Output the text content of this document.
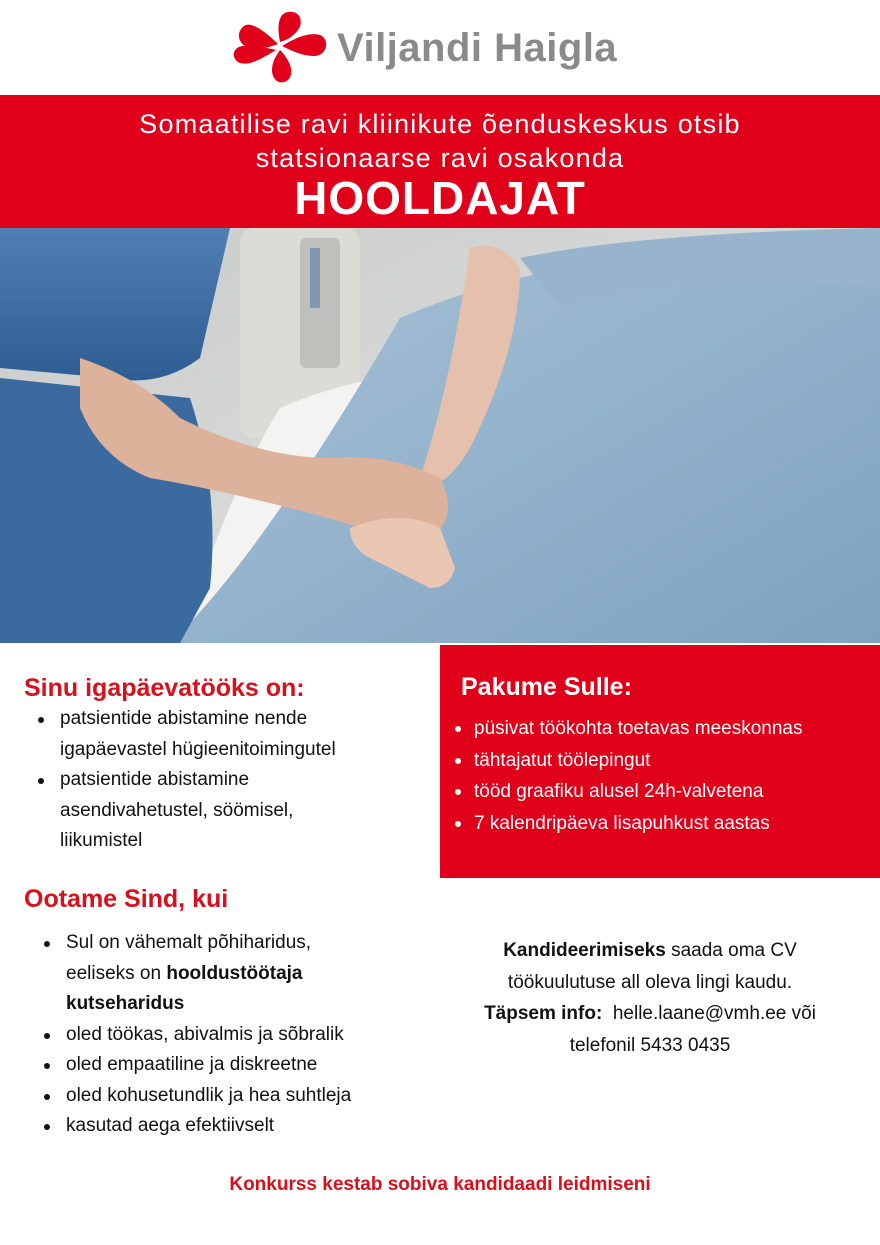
Viljandi Haigla
Somaatilise ravi kliinikute õenduskeskus otsib
statsionaarse ravi osakonda
HOOLDAJAT
Sinu igapäevatööks on:
patsientide abistamine nende
igapäevastel hügieenitoimingutel
patsientide abistamine
asendivahetustel, söömisel,
liikumistel
Pakume Sulle:
püsivat töökohta toetavas meeskonnas
tähtajatut töölepingut
tööd graafiku alusel 24h-valvetena
7 kalendripäeva lisapuhkust aastas
Ootame Sind, kui
Sul on vähemalt põhiharidus,
eeliseks on hooldustöötaja
kutseharidus
oled töökas, abivalmis ja sõbralik
oled empaatiline ja diskreetne
oled kohusetundlik ja hea suhtleja
kasutad aega efektiivselt
Kandideerimiseks saada oma CV
töökuulutuse all oleva lingi kaudu.
Täpsem info:  helle.laane@vmh.ee või
telefonil 5433 0435
Konkurss kestab sobiva kandidaadi leidmiseni
